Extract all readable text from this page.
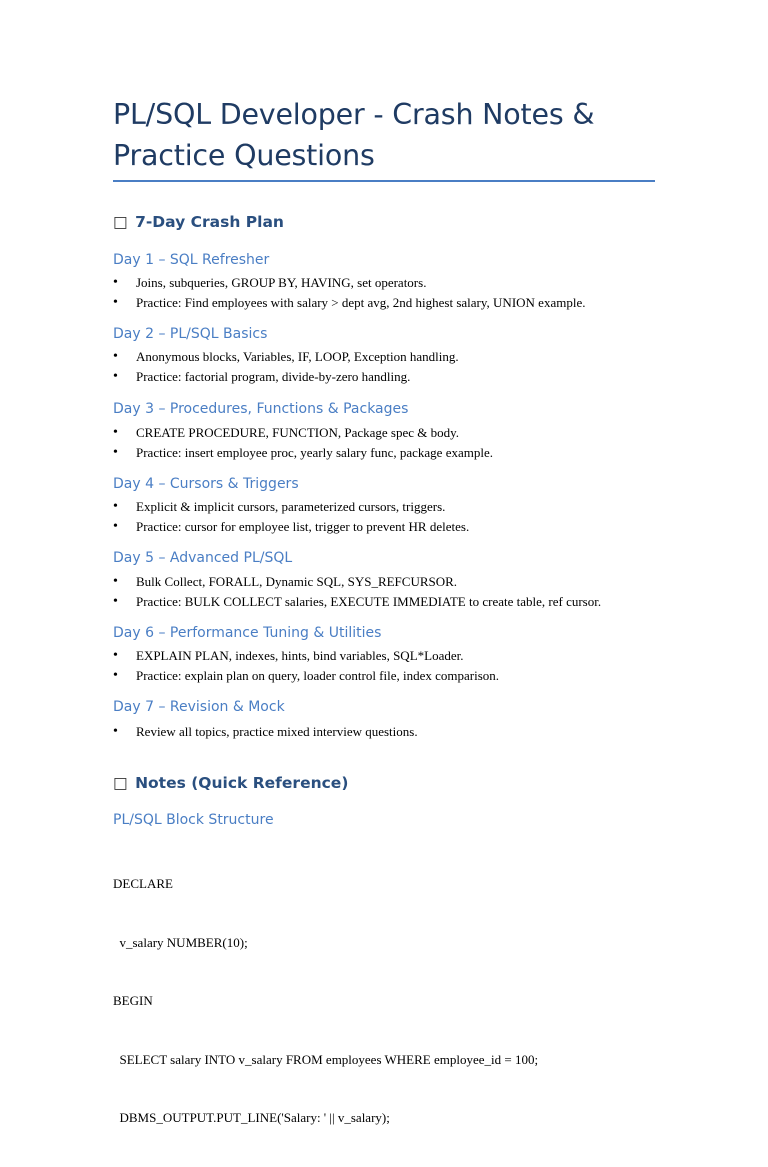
PL/SQL Developer - Crash Notes & Practice Questions
□ 7-Day Crash Plan
Day 1 – SQL Refresher
• Joins, subqueries, GROUP BY, HAVING, set operators.
• Practice: Find employees with salary > dept avg, 2nd highest salary, UNION example.
Day 2 – PL/SQL Basics
• Anonymous blocks, Variables, IF, LOOP, Exception handling.
• Practice: factorial program, divide-by-zero handling.
Day 3 – Procedures, Functions & Packages
• CREATE PROCEDURE, FUNCTION, Package spec & body.
• Practice: insert employee proc, yearly salary func, package example.
Day 4 – Cursors & Triggers
• Explicit & implicit cursors, parameterized cursors, triggers.
• Practice: cursor for employee list, trigger to prevent HR deletes.
Day 5 – Advanced PL/SQL
• Bulk Collect, FORALL, Dynamic SQL, SYS_REFCURSOR.
• Practice: BULK COLLECT salaries, EXECUTE IMMEDIATE to create table, ref cursor.
Day 6 – Performance Tuning & Utilities
• EXPLAIN PLAN, indexes, hints, bind variables, SQL*Loader.
• Practice: explain plan on query, loader control file, index comparison.
Day 7 – Revision & Mock
• Review all topics, practice mixed interview questions.
□ Notes (Quick Reference)
PL/SQL Block Structure

DECLARE

v_salary NUMBER(10);

BEGIN

SELECT salary INTO v_salary FROM employees WHERE employee_id = 100;

DBMS_OUTPUT.PUT_LINE('Salary: ' || v_salary);
